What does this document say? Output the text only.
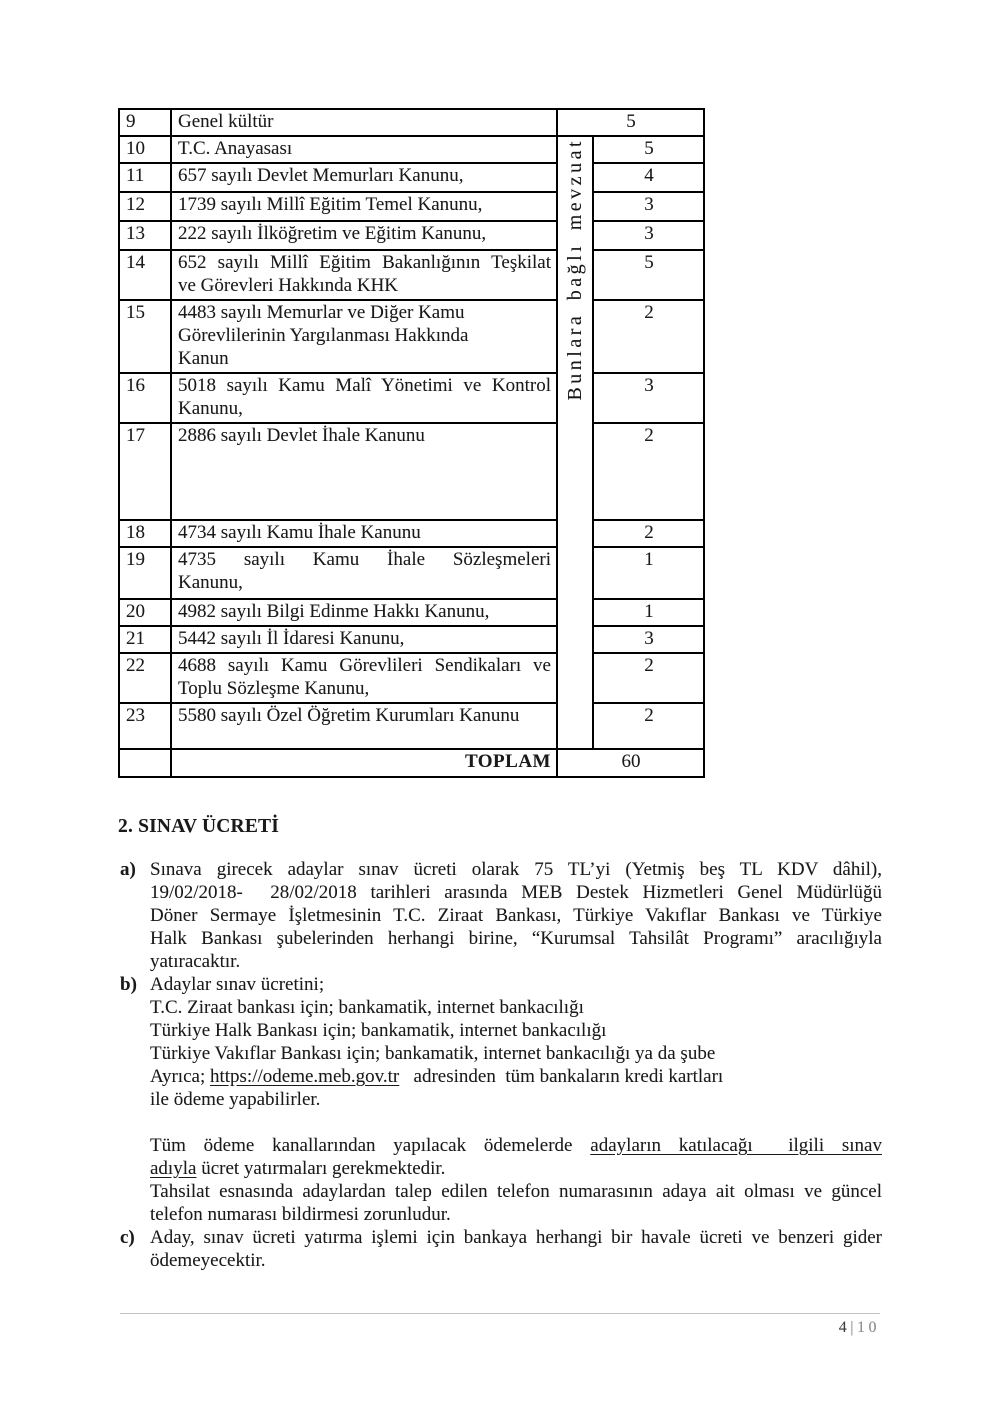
9	Genel kültür	5	
10	T.C. Anayasası	Bunlara bağlı mevzuat	5
11	657 sayılı Devlet Memurları Kanunu,		4
12	1739 sayılı Millî Eğitim Temel Kanunu,		3
13	222 sayılı İlköğretim ve Eğitim Kanunu,		3
14	652 sayılı Millî Eğitim Bakanlığının Teşkilat
ve Görevleri Hakkında KHK		5
15	4483 sayılı Memurlar ve Diğer Kamu
Görevlilerinin Yargılanması Hakkında
Kanun		2
16	5018 sayılı Kamu Malî Yönetimi ve Kontrol
Kanunu,		3
17	2886 sayılı Devlet İhale Kanunu		2
18	4734 sayılı Kamu İhale Kanunu		2
19	4735 sayılı Kamu İhale Sözleşmeleri
Kanunu,		1
20	4982 sayılı Bilgi Edinme Hakkı Kanunu,		1
21	5442 sayılı İl İdaresi Kanunu,		3
22	4688 sayılı Kamu Görevlileri Sendikaları ve
Toplu Sözleşme Kanunu,		2
23	5580 sayılı Özel Öğretim Kurumları Kanunu		2
	TOPLAM	60	
2. SINAV ÜCRETİ
a) Sınava girecek adaylar sınav ücreti olarak 75 TL’yi (Yetmiş beş TL KDV dâhil),
19/02/2018-  28/02/2018 tarihleri arasında MEB Destek Hizmetleri Genel Müdürlüğü
Döner Sermaye İşletmesinin T.C. Ziraat Bankası, Türkiye Vakıflar Bankası ve Türkiye
Halk Bankası şubelerinden herhangi birine, “Kurumsal Tahsilât Programı” aracılığıyla
yatıracaktır.
b) Adaylar sınav ücretini;
T.C. Ziraat bankası için; bankamatik, internet bankacılığı
Türkiye Halk Bankası için; bankamatik, internet bankacılığı
Türkiye Vakıflar Bankası için; bankamatik, internet bankacılığı ya da şube
Ayrıca; https://odeme.meb.gov.tr   adresinden  tüm bankaların kredi kartları
ile ödeme yapabilirler.
Tüm ödeme kanallarından yapılacak ödemelerde adayların katılacağı  ilgili sınav
adıyla ücret yatırmaları gerekmektedir.
Tahsilat esnasında adaylardan talep edilen telefon numarasının adaya ait olması ve güncel
telefon numarası bildirmesi zorunludur.
c) Aday, sınav ücreti yatırma işlemi için bankaya herhangi bir havale ücreti ve benzeri gider
ödemeyecektir.
4|10
